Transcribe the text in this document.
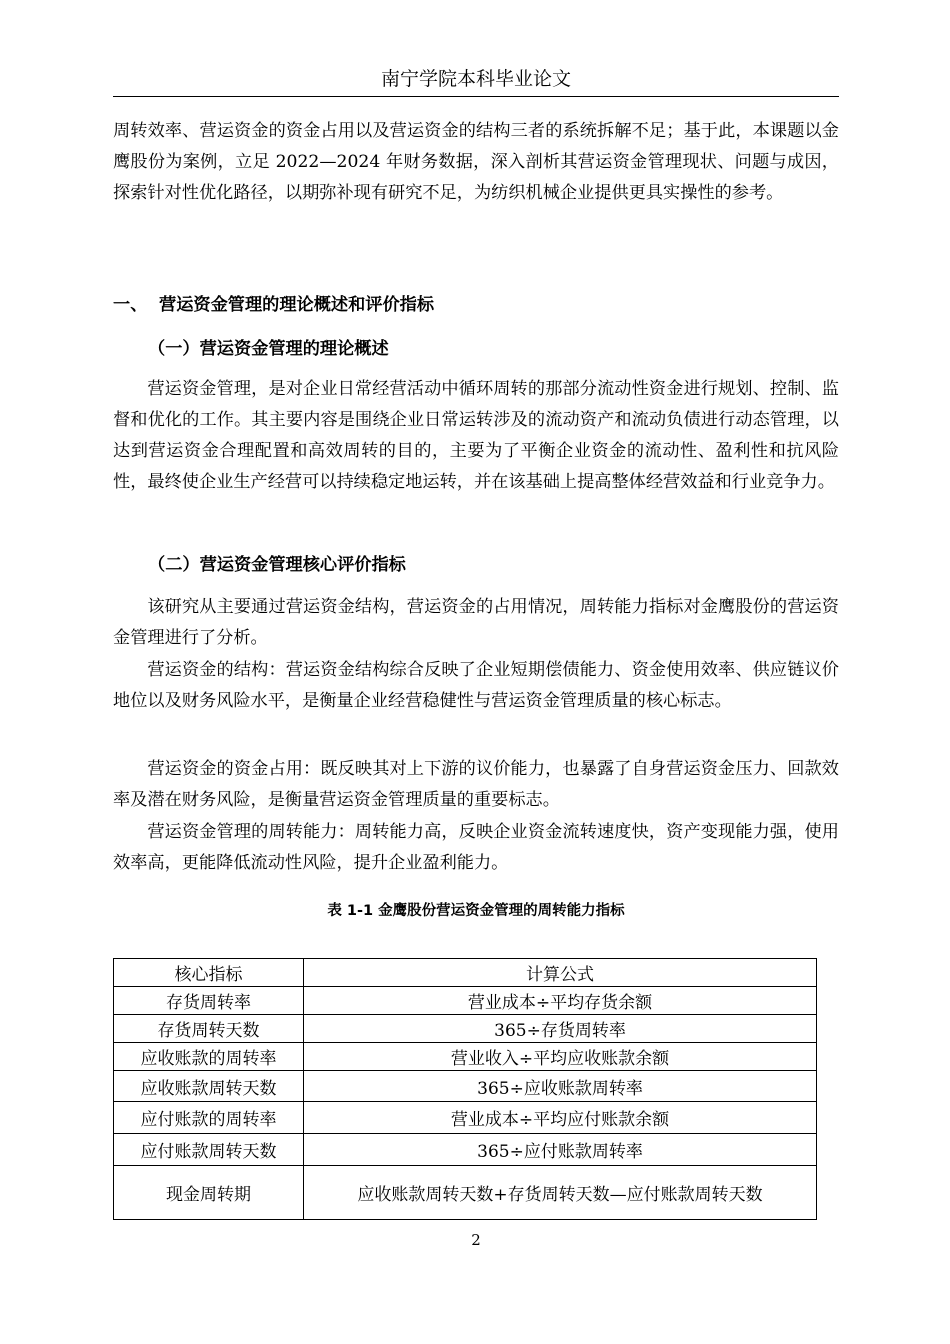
南宁学院本科毕业论文

周转效率、营运资金的资金占用以及营运资金的结构三者的系统拆解不足；基于此，本课题以金鹰股份为案例，立足 2022—2024 年财务数据，深入剖析其营运资金管理现状、问题与成因，探索针对性优化路径，以期弥补现有研究不足，为纺织机械企业提供更具实操性的参考。

一、 营运资金管理的理论概述和评价指标
（一）营运资金管理的理论概述

营运资金管理，是对企业日常经营活动中循环周转的那部分流动性资金进行规划、控制、监督和优化的工作。其主要内容是围绕企业日常运转涉及的流动资产和流动负债进行动态管理，以达到营运资金合理配置和高效周转的目的，主要为了平衡企业资金的流动性、盈利性和抗风险性，最终使企业生产经营可以持续稳定地运转，并在该基础上提高整体经营效益和行业竞争力。

（二）营运资金管理核心评价指标

该研究从主要通过营运资金结构，营运资金的占用情况，周转能力指标对金鹰股份的营运资金管理进行了分析。

营运资金的结构：营运资金结构综合反映了企业短期偿债能力、资金使用效率、供应链议价地位以及财务风险水平，是衡量企业经营稳健性与营运资金管理质量的核心标志。

营运资金的资金占用：既反映其对上下游的议价能力，也暴露了自身营运资金压力、回款效率及潜在财务风险，是衡量营运资金管理质量的重要标志。

营运资金管理的周转能力：周转能力高，反映企业资金流转速度快，资产变现能力强，使用效率高，更能降低流动性风险，提升企业盈利能力。

表 1-1 金鹰股份营运资金管理的周转能力指标
核心指标	计算公式
存货周转率	营业成本÷平均存货余额
存货周转天数	365÷存货周转率
应收账款的周转率	营业收入÷平均应收账款余额
应收账款周转天数	365÷应收账款周转率
应付账款的周转率	营业成本÷平均应付账款余额
应付账款周转天数	365÷应付账款周转率
现金周转期	应收账款周转天数+存货周转天数—应付账款周转天数
2
